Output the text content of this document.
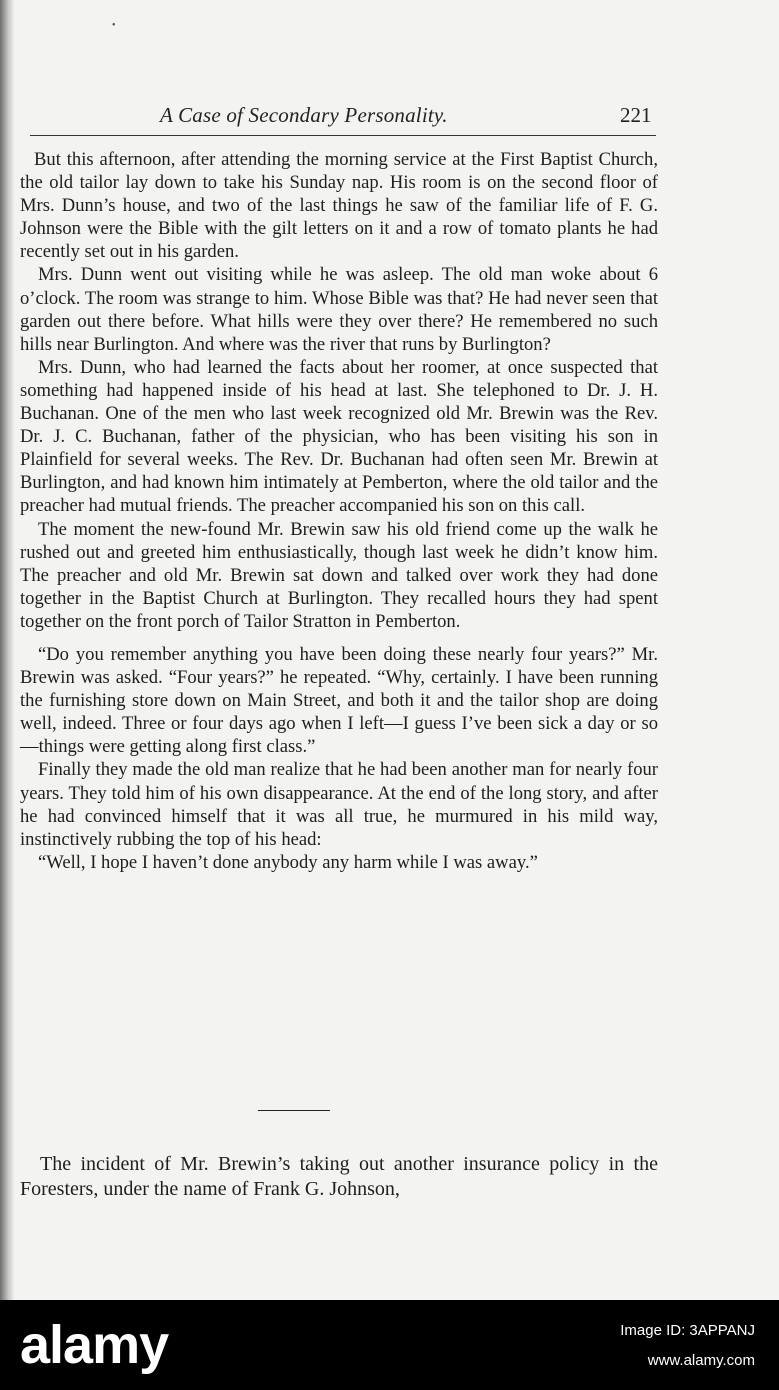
•
A Case of Secondary Personality.	221

But this afternoon, after attending the morning service at the First Baptist Church, the old tailor lay down to take his Sunday nap. His room is on the second floor of Mrs. Dunn’s house, and two of the last things he saw of the familiar life of F. G. Johnson were the Bible with the gilt letters on it and a row of tomato plants he had recently set out in his garden.

Mrs. Dunn went out visiting while he was asleep. The old man woke about 6 o’clock. The room was strange to him. Whose Bible was that? He had never seen that garden out there before. What hills were they over there? He remembered no such hills near Burlington. And where was the river that runs by Burlington?

Mrs. Dunn, who had learned the facts about her roomer, at once suspected that something had happened inside of his head at last. She telephoned to Dr. J. H. Buchanan. One of the men who last week recognized old Mr. Brewin was the Rev. Dr. J. C. Buchanan, father of the physician, who has been visiting his son in Plainfield for several weeks. The Rev. Dr. Buchanan had often seen Mr. Brewin at Burlington, and had known him intimately at Pemberton, where the old tailor and the preacher had mutual friends. The preacher accompanied his son on this call.

The moment the new-found Mr. Brewin saw his old friend come up the walk he rushed out and greeted him enthusiastically, though last week he didn’t know him. The preacher and old Mr. Brewin sat down and talked over work they had done together in the Baptist Church at Burlington. They recalled hours they had spent together on the front porch of Tailor Stratton in Pemberton.

“Do you remember anything you have been doing these nearly four years?” Mr. Brewin was asked. “Four years?” he repeated. “Why, certainly. I have been running the furnishing store down on Main Street, and both it and the tailor shop are doing well, indeed. Three or four days ago when I left—I guess I’ve been sick a day or so—things were getting along first class.”

Finally they made the old man realize that he had been another man for nearly four years. They told him of his own disappearance. At the end of the long story, and after he had convinced himself that it was all true, he murmured in his mild way, instinctively rubbing the top of his head:

“Well, I hope I haven’t done anybody any harm while I was away.”

The incident of Mr. Brewin’s taking out another insurance policy in the Foresters, under the name of Frank G. Johnson,

alamy	Image ID: 3APPANJ
www.alamy.com
